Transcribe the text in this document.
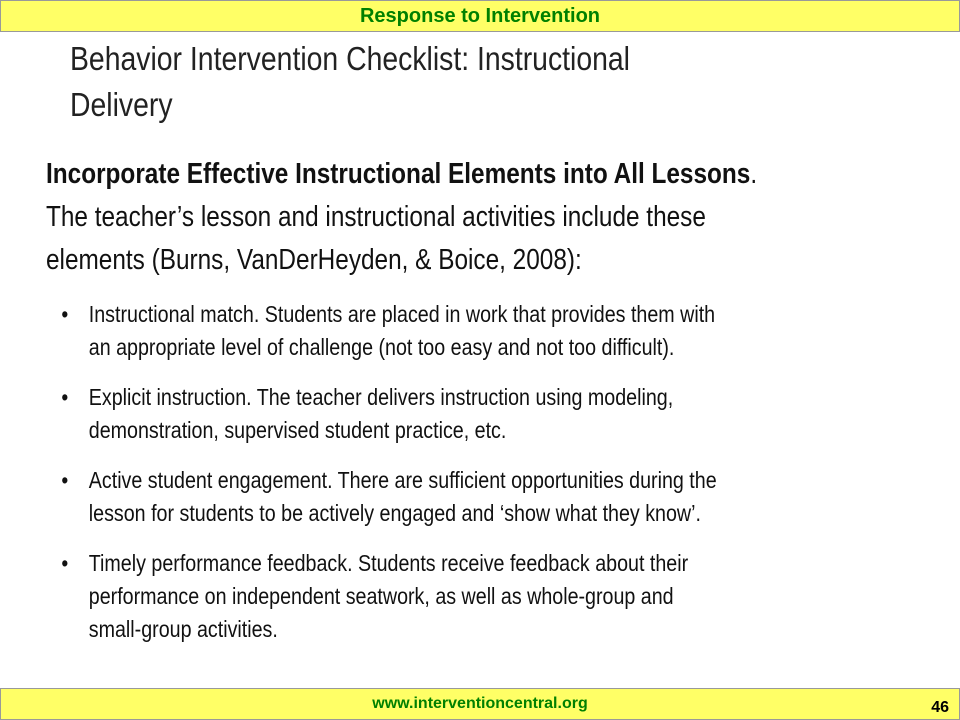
Response to Intervention
Behavior Intervention Checklist: Instructional
Delivery
Incorporate Effective Instructional Elements into All Lessons.
The teacher’s lesson and instructional activities include these
elements (Burns, VanDerHeyden, & Boice, 2008):
• Instructional match. Students are placed in work that provides them with
an appropriate level of challenge (not too easy and not too difficult).
• Explicit instruction. The teacher delivers instruction using modeling,
demonstration, supervised student practice, etc.
• Active student engagement. There are sufficient opportunities during the
lesson for students to be actively engaged and ‘show what they know’.
• Timely performance feedback. Students receive feedback about their
performance on independent seatwork, as well as whole-group and
small-group activities.
www.interventioncentral.org	46
